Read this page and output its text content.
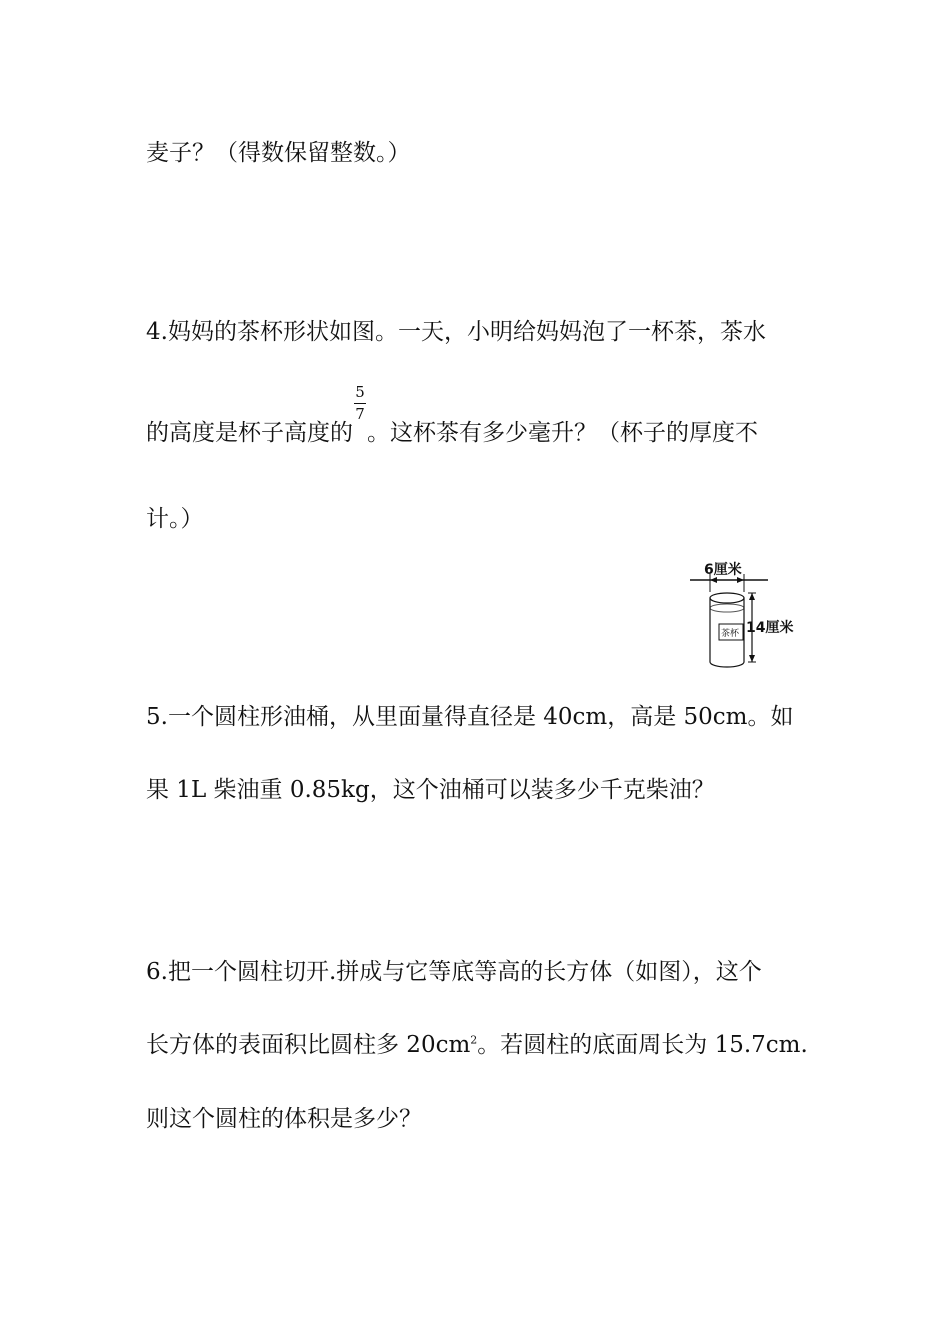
麦子？（得数保留整数。）
4.妈妈的茶杯形状如图。一天，小明给妈妈泡了一杯茶，茶水
的高度是杯子高度的 $\frac{5}{7}$ 。这杯茶有多少毫升？（杯子的厚度不
计。）
6厘米
茶杯 14厘米
5.一个圆柱形油桶，从里面量得直径是 40cm，高是 50cm。如
果 1L 柴油重 0.85kg，这个油桶可以装多少千克柴油？
6.把一个圆柱切开.拼成与它等底等高的长方体（如图），这个
长方体的表面积比圆柱多 $20cm^2$。若圆柱的底面周长为 15.7cm.
则这个圆柱的体积是多少？
